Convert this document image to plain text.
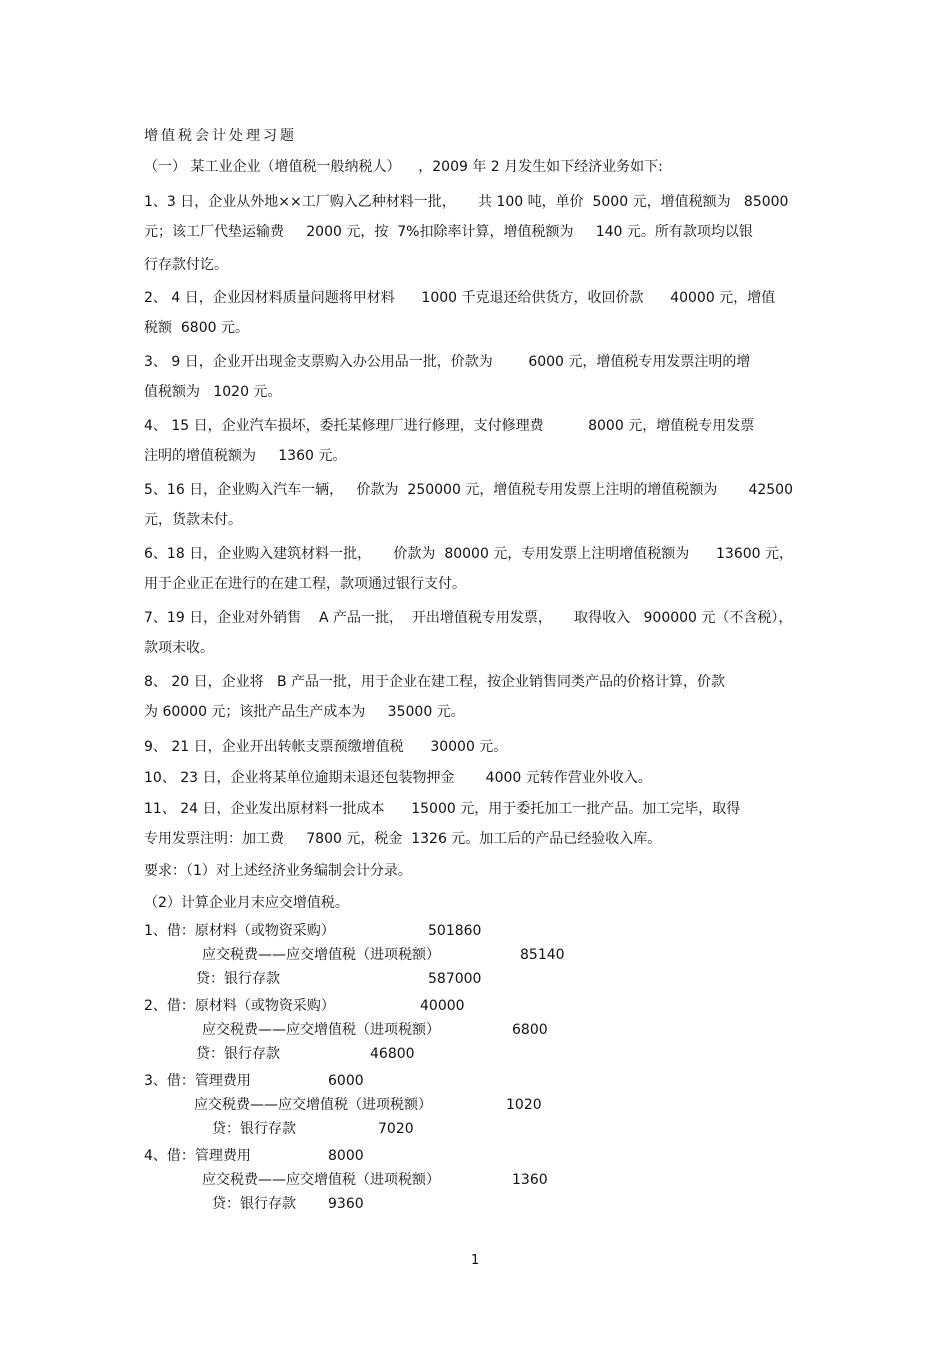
增值税会计处理习题
（一） 某工业企业（增值税一般纳税人）    ，2009 年 2 月发生如下经济业务如下:
1、3 日，企业从外地××工厂购入乙种材料一批，     共 100 吨，单价  5000 元，增值税额为   85000
元；该工厂代垫运输费     2000 元，按  7%扣除率计算，增值税额为     140 元。所有款项均以银
行存款付讫。
2、 4 日，企业因材料质量问题将甲材料      1000 千克退还给供货方，收回价款      40000 元，增值
税额  6800 元。
3、 9 日，企业开出现金支票购入办公用品一批，价款为        6000 元，增值税专用发票注明的增
值税额为   1020 元。
4、 15 日，企业汽车损坏，委托某修理厂进行修理，支付修理费          8000 元，增值税专用发票
注明的增值税额为     1360 元。
5、16 日，企业购入汽车一辆，   价款为  250000 元，增值税专用发票上注明的增值税额为       42500
元，货款未付。
6、18 日，企业购入建筑材料一批，     价款为  80000 元，专用发票上注明增值税额为      13600 元，
用于企业正在进行的在建工程，款项通过银行支付。
7、19 日，企业对外销售    A 产品一批，  开出增值税专用发票，     取得收入   900000 元（不含税），
款项未收。
8、 20 日，企业将   B 产品一批，用于企业在建工程，按企业销售同类产品的价格计算，价款
为 60000 元；该批产品生产成本为     35000 元。
9、 21 日，企业开出转帐支票预缴增值税      30000 元。
10、 23 日，企业将某单位逾期未退还包装物押金       4000 元转作营业外收入。
11、 24 日，企业发出原材料一批成本      15000 元，用于委托加工一批产品。加工完毕，取得
专用发票注明：加工费     7800 元，税金  1326 元。加工后的产品已经验收入库。
要求：（1）对上述经济业务编制会计分录。
（2）计算企业月末应交增值税。
1、借：原材料（或物资采购）	501860
应交税费——应交增值税（进项税额）	85140
贷：银行存款	587000
2、借：原材料（或物资采购）	40000
应交税费——应交增值税（进项税额）	6800
贷：银行存款	46800
3、借：管理费用	6000
应交税费——应交增值税（进项税额）	1020
贷：银行存款	7020
4、借：管理费用	8000
应交税费——应交增值税（进项税额）	1360
贷：银行存款 9360
1
